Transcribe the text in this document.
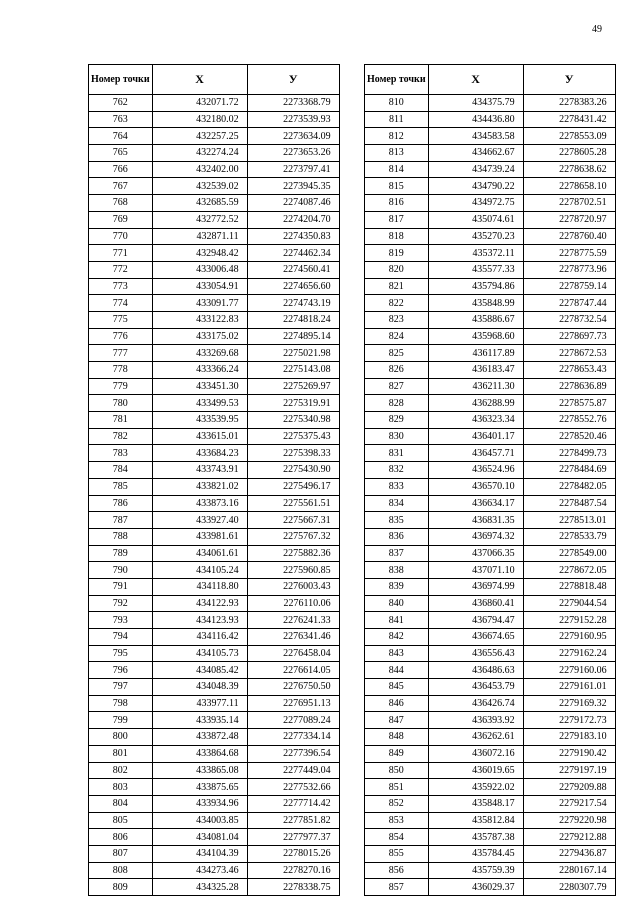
49
Номер точки	X	У
762	432071.72	2273368.79
763	432180.02	2273539.93
764	432257.25	2273634.09
765	432274.24	2273653.26
766	432402.00	2273797.41
767	432539.02	2273945.35
768	432685.59	2274087.46
769	432772.52	2274204.70
770	432871.11	2274350.83
771	432948.42	2274462.34
772	433006.48	2274560.41
773	433054.91	2274656.60
774	433091.77	2274743.19
775	433122.83	2274818.24
776	433175.02	2274895.14
777	433269.68	2275021.98
778	433366.24	2275143.08
779	433451.30	2275269.97
780	433499.53	2275319.91
781	433539.95	2275340.98
782	433615.01	2275375.43
783	433684.23	2275398.33
784	433743.91	2275430.90
785	433821.02	2275496.17
786	433873.16	2275561.51
787	433927.40	2275667.31
788	433981.61	2275767.32
789	434061.61	2275882.36
790	434105.24	2275960.85
791	434118.80	2276003.43
792	434122.93	2276110.06
793	434123.93	2276241.33
794	434116.42	2276341.46
795	434105.73	2276458.04
796	434085.42	2276614.05
797	434048.39	2276750.50
798	433977.11	2276951.13
799	433935.14	2277089.24
800	433872.48	2277334.14
801	433864.68	2277396.54
802	433865.08	2277449.04
803	433875.65	2277532.66
804	433934.96	2277714.42
805	434003.85	2277851.82
806	434081.04	2277977.37
807	434104.39	2278015.26
808	434273.46	2278270.16
809	434325.28	2278338.75
Номер точки	X	У
810	434375.79	2278383.26
811	434436.80	2278431.42
812	434583.58	2278553.09
813	434662.67	2278605.28
814	434739.24	2278638.62
815	434790.22	2278658.10
816	434972.75	2278702.51
817	435074.61	2278720.97
818	435270.23	2278760.40
819	435372.11	2278775.59
820	435577.33	2278773.96
821	435794.86	2278759.14
822	435848.99	2278747.44
823	435886.67	2278732.54
824	435968.60	2278697.73
825	436117.89	2278672.53
826	436183.47	2278653.43
827	436211.30	2278636.89
828	436288.99	2278575.87
829	436323.34	2278552.76
830	436401.17	2278520.46
831	436457.71	2278499.73
832	436524.96	2278484.69
833	436570.10	2278482.05
834	436634.17	2278487.54
835	436831.35	2278513.01
836	436974.32	2278533.79
837	437066.35	2278549.00
838	437071.10	2278672.05
839	436974.99	2278818.48
840	436860.41	2279044.54
841	436794.47	2279152.28
842	436674.65	2279160.95
843	436556.43	2279162.24
844	436486.63	2279160.06
845	436453.79	2279161.01
846	436426.74	2279169.32
847	436393.92	2279172.73
848	436262.61	2279183.10
849	436072.16	2279190.42
850	436019.65	2279197.19
851	435922.02	2279209.88
852	435848.17	2279217.54
853	435812.84	2279220.98
854	435787.38	2279212.88
855	435784.45	2279436.87
856	435759.39	2280167.14
857	436029.37	2280307.79
